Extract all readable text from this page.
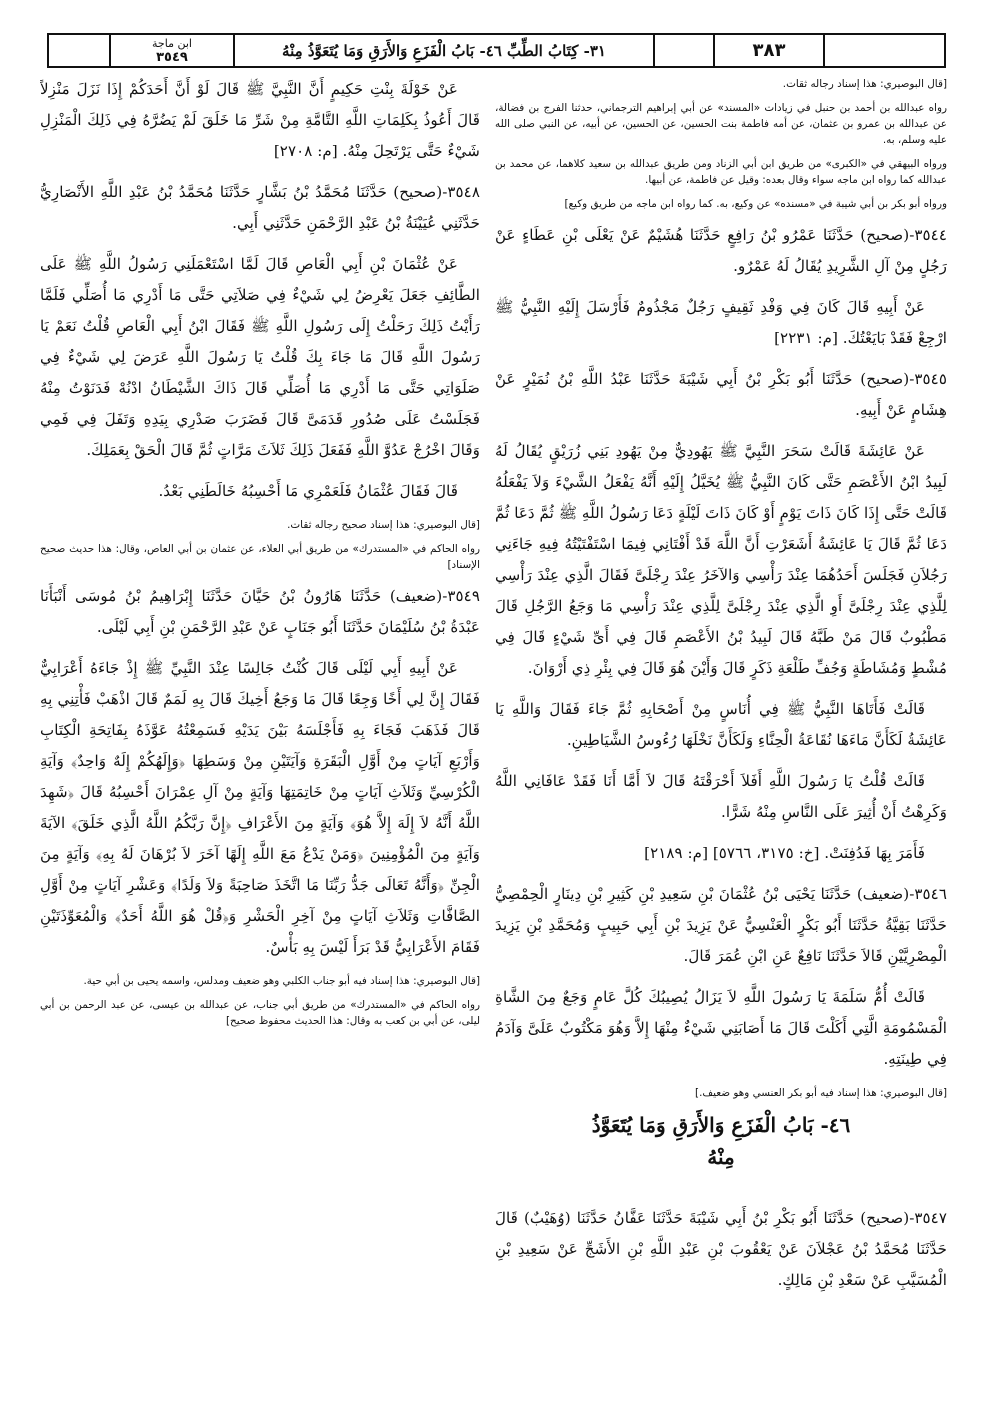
ابن ماجة
٣٥٤٩	٣١- كِتَابُ الطِّبِّ ٤٦- بَابُ الْفَزَعِ وَالأَرَقِ وَمَا يُتَعَوَّذُ مِنْهُ	٣٨٣
[قال البوصيري: هذا إسناد رجاله ثقات.
رواه عبدالله بن أحمد بن حنبل في زيادات «المسند» عن أبي إبراهيم الترجماني، حدثنا الفرج بن فضالة، عن عبدالله بن عمرو بن عثمان، عن أمه فاطمة بنت الحسين، عن الحسين، عن أبيه، عن النبي صلى الله عليه وسلم، به.
ورواه البيهقي في «الكبرى» من طريق ابن أبي الزناد ومن طريق عبدالله بن سعيد كلاهما، عن محمد بن عبدالله كما رواه ابن ماجه سواء وقال بعده: وقيل عن فاطمة، عن أبيها.
ورواه أبو بكر بن أبي شيبة في «مسنده» عن وكيع، به. كما رواه ابن ماجه من طريق وكيع]

٣٥٤٤-(صحيح) حَدَّثَنَا عَمْرُو بْنُ رَافِعٍ حَدَّثَنَا هُشَيْمٌ عَنْ يَعْلَى بْنِ عَطَاءٍ عَنْ رَجُلٍ مِنْ آلِ الشَّرِيدِ يُقَالُ لَهُ عَمْرٌو.

عَنْ أَبِيهِ قَالَ كَانَ فِي وَفْدِ ثَقِيفٍ رَجُلٌ مَجْذُومٌ فَأَرْسَلَ إِلَيْهِ النَّبِيُّ ﷺ ارْجِعْ فَقَدْ بَايَعْتُكَ. [م: ٢٢٣١]

٣٥٤٥-(صحيح) حَدَّثَنَا أَبُو بَكْرِ بْنُ أَبِي شَيْبَةَ حَدَّثَنَا عَبْدُ اللَّهِ بْنُ نُمَيْرٍ عَنْ هِشَامٍ عَنْ أَبِيهِ.

عَنْ عَائِشَةَ قَالَتْ سَحَرَ النَّبِيَّ ﷺ يَهُودِيٌّ مِنْ يَهُودِ بَنِي زُرَيْقٍ يُقَالُ لَهُ لَبِيدُ ابْنُ الأَعْصَمِ حَتَّى كَانَ النَّبِيُّ ﷺ يُخَيَّلُ إِلَيْهِ أَنَّهُ يَفْعَلُ الشَّيْءَ وَلاَ يَفْعَلُهُ قَالَتْ حَتَّى إِذَا كَانَ ذَاتَ يَوْمٍ أَوْ كَانَ ذَاتَ لَيْلَةٍ دَعَا رَسُولُ اللَّهِ ﷺ ثُمَّ دَعَا ثُمَّ دَعَا ثُمَّ قَالَ يَا عَائِشَةُ أَشَعَرْتِ أَنَّ اللَّهَ قَدْ أَفْتَانِي فِيمَا اسْتَفْتَيْتُهُ فِيهِ جَاءَنِي رَجُلاَنِ فَجَلَسَ أَحَدُهُمَا عِنْدَ رَأْسِي وَالآخَرُ عِنْدَ رِجْلَىَّ فَقَالَ الَّذِي عِنْدَ رَأْسِي لِلَّذِي عِنْدَ رِجْلَىَّ أَوِ الَّذِي عِنْدَ رِجْلَىَّ لِلَّذِي عِنْدَ رَأْسِي مَا وَجَعُ الرَّجُلِ قَالَ مَطْبُوبٌ قَالَ مَنْ طَبَّهُ قَالَ لَبِيدُ بْنُ الأَعْصَمِ قَالَ فِي أَىِّ شَيْءٍ قَالَ فِي مُشْطٍ وَمُشَاطَةٍ وَجُفِّ طَلْعَةِ ذَكَرٍ قَالَ وَأَيْنَ هُوَ قَالَ فِي بِئْرِ ذِي أَرْوَانَ.

قَالَتْ فَأَتَاهَا النَّبِيُّ ﷺ فِي أُنَاسٍ مِنْ أَصْحَابِهِ ثُمَّ جَاءَ فَقَالَ وَاللَّهِ يَا عَائِشَةُ لَكَأَنَّ مَاءَهَا نُقَاعَةُ الْحِنَّاءِ وَلَكَأَنَّ نَخْلَهَا رُءُوسُ الشَّيَاطِينِ.

قَالَتْ قُلْتُ يَا رَسُولَ اللَّهِ أَفَلاَ أَحْرَقْتَهُ قَالَ لاَ أَمَّا أَنَا فَقَدْ عَافَانِي اللَّهُ وَكَرِهْتُ أَنْ أُثِيرَ عَلَى النَّاسِ مِنْهُ شَرًّا.

فَأَمَرَ بِهَا فَدُفِنَتْ. [خ: ٣١٧٥، ٥٧٦٦] [م: ٢١٨٩]

٣٥٤٦-(ضعيف) حَدَّثَنَا يَحْيَى بْنُ عُثْمَانَ بْنِ سَعِيدِ بْنِ كَثِيرِ بْنِ دِينَارٍ الْحِمْصِيُّ حَدَّثَنَا بَقِيَّةُ حَدَّثَنَا أَبُو بَكْرٍ الْعَنْسِيُّ عَنْ يَزِيدَ بْنِ أَبِي حَبِيبٍ وَمُحَمَّدِ بْنِ يَزِيدَ الْمِصْرِيَّيْنِ قَالاَ حَدَّثَنَا نَافِعٌ عَنِ ابْنِ عُمَرَ قَالَ.

قَالَتْ أُمُّ سَلَمَةَ يَا رَسُولَ اللَّهِ لاَ يَزَالُ يُصِيبُكَ كُلَّ عَامٍ وَجَعٌ مِنَ الشَّاةِ الْمَسْمُومَةِ الَّتِي أَكَلْتَ قَالَ مَا أَصَابَنِي شَيْءٌ مِنْهَا إِلاَّ وَهُوَ مَكْتُوبٌ عَلَىَّ وَآدَمُ فِي طِينَتِهِ.

[قال البوصيري: هذا إسناد فيه أبو بكر العنسي وهو ضعيف.]
٤٦- بَابُ الْفَزَعِ وَالأَرَقِ وَمَا يُتَعَوَّذُ
مِنْهُ

٣٥٤٧-(صحيح) حَدَّثَنَا أَبُو بَكْرِ بْنُ أَبِي شَيْبَةَ حَدَّثَنَا عَفَّانُ حَدَّثَنَا (وُهَيْبٌ) قَالَ حَدَّثَنَا مُحَمَّدُ بْنُ عَجْلاَنَ عَنْ يَعْقُوبَ بْنِ عَبْدِ اللَّهِ بْنِ الأَشَجِّ عَنْ سَعِيدِ بْنِ الْمُسَيَّبِ عَنْ سَعْدِ بْنِ مَالِكٍ.

عَنْ خَوْلَةَ بِنْتِ حَكِيمٍ أَنَّ النَّبِيَّ ﷺ قَالَ لَوْ أَنَّ أَحَدَكُمْ إِذَا نَزَلَ مَنْزِلاً قَالَ أَعُوذُ بِكَلِمَاتِ اللَّهِ التَّامَّةِ مِنْ شَرِّ مَا خَلَقَ لَمْ يَضُرَّهُ فِي ذَلِكَ الْمَنْزِلِ شَيْءٌ حَتَّى يَرْتَحِلَ مِنْهُ. [م: ٢٧٠٨]

٣٥٤٨-(صحيح) حَدَّثَنَا مُحَمَّدُ بْنُ بَشَّارٍ حَدَّثَنَا مُحَمَّدُ بْنُ عَبْدِ اللَّهِ الأَنْصَارِيُّ حَدَّثَنِي عُيَيْنَةُ بْنُ عَبْدِ الرَّحْمَنِ حَدَّثَنِي أَبِي.

عَنْ عُثْمَانَ بْنِ أَبِي الْعَاصِ قَالَ لَمَّا اسْتَعْمَلَنِي رَسُولُ اللَّهِ ﷺ عَلَى الطَّائِفِ جَعَلَ يَعْرِضُ لِي شَيْءٌ فِي صَلاَتِي حَتَّى مَا أَدْرِي مَا أُصَلِّي فَلَمَّا رَأَيْتُ ذَلِكَ رَحَلْتُ إِلَى رَسُولِ اللَّهِ ﷺ فَقَالَ ابْنُ أَبِي الْعَاصِ قُلْتُ نَعَمْ يَا رَسُولَ اللَّهِ قَالَ مَا جَاءَ بِكَ قُلْتُ يَا رَسُولَ اللَّهِ عَرَضَ لِي شَيْءٌ فِي صَلَوَاتِي حَتَّى مَا أَدْرِي مَا أُصَلِّي قَالَ ذَاكَ الشَّيْطَانُ ادْنُهْ فَدَنَوْتُ مِنْهُ فَجَلَسْتُ عَلَى صُدُورِ قَدَمَىَّ قَالَ فَضَرَبَ صَدْرِي بِيَدِهِ وَتَفَلَ فِي فَمِي وَقَالَ اخْرُجْ عَدُوَّ اللَّهِ فَفَعَلَ ذَلِكَ ثَلاَثَ مَرَّاتٍ ثُمَّ قَالَ الْحَقْ بِعَمَلِكَ.

قَالَ فَقَالَ عُثْمَانُ فَلَعَمْرِي مَا أَحْسِبُهُ خَالَطَنِي بَعْدُ.

[قال البوصيري: هذا إسناد صحيح رجاله ثقات.
رواه الحاكم في «المستدرك» من طريق أبي العلاء، عن عثمان بن أبي العاص، وقال: هذا حديث صحيح الإسناد]

٣٥٤٩-(ضعيف) حَدَّثَنَا هَارُونُ بْنُ حَيَّانَ حَدَّثَنَا إِبْرَاهِيمُ بْنُ مُوسَى أَنْبَأَنَا عَبْدَةُ بْنُ سُلَيْمَانَ حَدَّثَنَا أَبُو جَنَابٍ عَنْ عَبْدِ الرَّحْمَنِ بْنِ أَبِي لَيْلَى.

عَنْ أَبِيهِ أَبِي لَيْلَى قَالَ كُنْتُ جَالِسًا عِنْدَ النَّبِيِّ ﷺ إِذْ جَاءَهُ أَعْرَابِيٌّ فَقَالَ إِنَّ لِي أَخًا وَجِعًا قَالَ مَا وَجَعُ أَخِيكَ قَالَ بِهِ لَمَمٌ قَالَ اذْهَبْ فَأْتِنِي بِهِ قَالَ فَذَهَبَ فَجَاءَ بِهِ فَأَجْلَسَهُ بَيْنَ يَدَيْهِ فَسَمِعْتُهُ عَوَّذَهُ بِفَاتِحَةِ الْكِتَابِ وَأَرْبَعِ آيَاتٍ مِنْ أَوَّلِ الْبَقَرَةِ وَآيَتَيْنِ مِنْ وَسَطِهَا ﴿وَإِلَهُكُمْ إِلَهٌ وَاحِدٌ﴾ وَآيَةِ الْكُرْسِيِّ وَثَلاَثِ آيَاتٍ مِنْ خَاتِمَتِهَا وَآيَةٍ مِنْ آلِ عِمْرَانَ أَحْسِبُهُ قَالَ ﴿شَهِدَ اللَّهُ أَنَّهُ لاَ إِلَهَ إِلاَّ هُوَ﴾ وَآيَةٍ مِنَ الأَعْرَافِ ﴿إِنَّ رَبَّكُمُ اللَّهُ الَّذِي خَلَقَ﴾ الآيَةَ وَآيَةٍ مِنَ الْمُؤْمِنِينَ ﴿وَمَنْ يَدْعُ مَعَ اللَّهِ إِلَهًا آخَرَ لاَ بُرْهَانَ لَهُ بِهِ﴾ وَآيَةٍ مِنَ الْجِنِّ ﴿وَأَنَّهُ تَعَالَى جَدُّ رَبِّنَا مَا اتَّخَذَ صَاحِبَةً وَلاَ وَلَدًا﴾ وَعَشْرِ آيَاتٍ مِنْ أَوَّلِ الصَّافَّاتِ وَثَلاَثِ آيَاتٍ مِنْ آخِرِ الْحَشْرِ وَ﴿قُلْ هُوَ اللَّهُ أَحَدٌ﴾ وَالْمُعَوِّذَتَيْنِ فَقَامَ الأَعْرَابِيُّ قَدْ بَرَأَ لَيْسَ بِهِ بَأْسٌ.

[قال البوصيري: هذا إسناد فيه أبو جناب الكلبي وهو ضعيف ومدلس، واسمه يحيى بن أبي حية.
رواه الحاكم في «المستدرك» من طريق أبي جناب، عن عبدالله بن عيسى، عن عبد الرحمن بن أبي ليلى، عن أبي بن كعب به وقال: هذا الحديث محفوظ صحيح]
